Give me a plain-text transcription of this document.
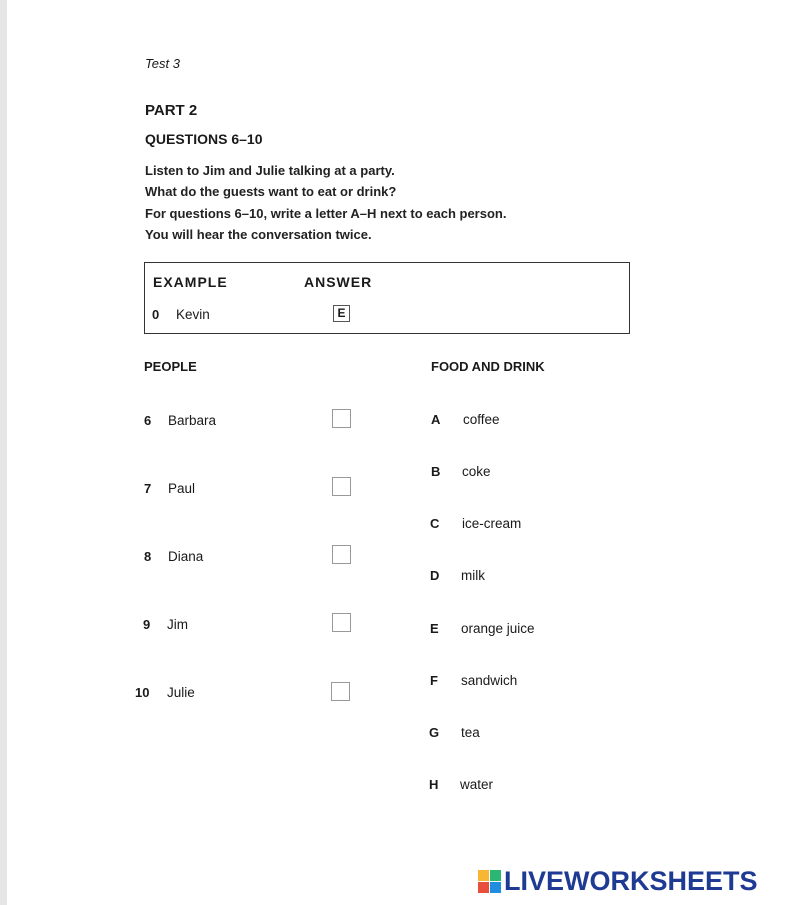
Test 3
PART 2
QUESTIONS 6–10
Listen to Jim and Julie talking at a party.
What do the guests want to eat or drink?
For questions 6–10, write a letter A–H next to each person.
You will hear the conversation twice.
EXAMPLE	ANSWER
0 Kevin	E
PEOPLE	FOOD AND DRINK
6 Barbara
7 Paul
8 Diana
9 Jim
10 Julie
A coffee
B coke
C ice-cream
D milk
E orange juice
F sandwich
G tea
H water
LIVEWORKSHEETS
